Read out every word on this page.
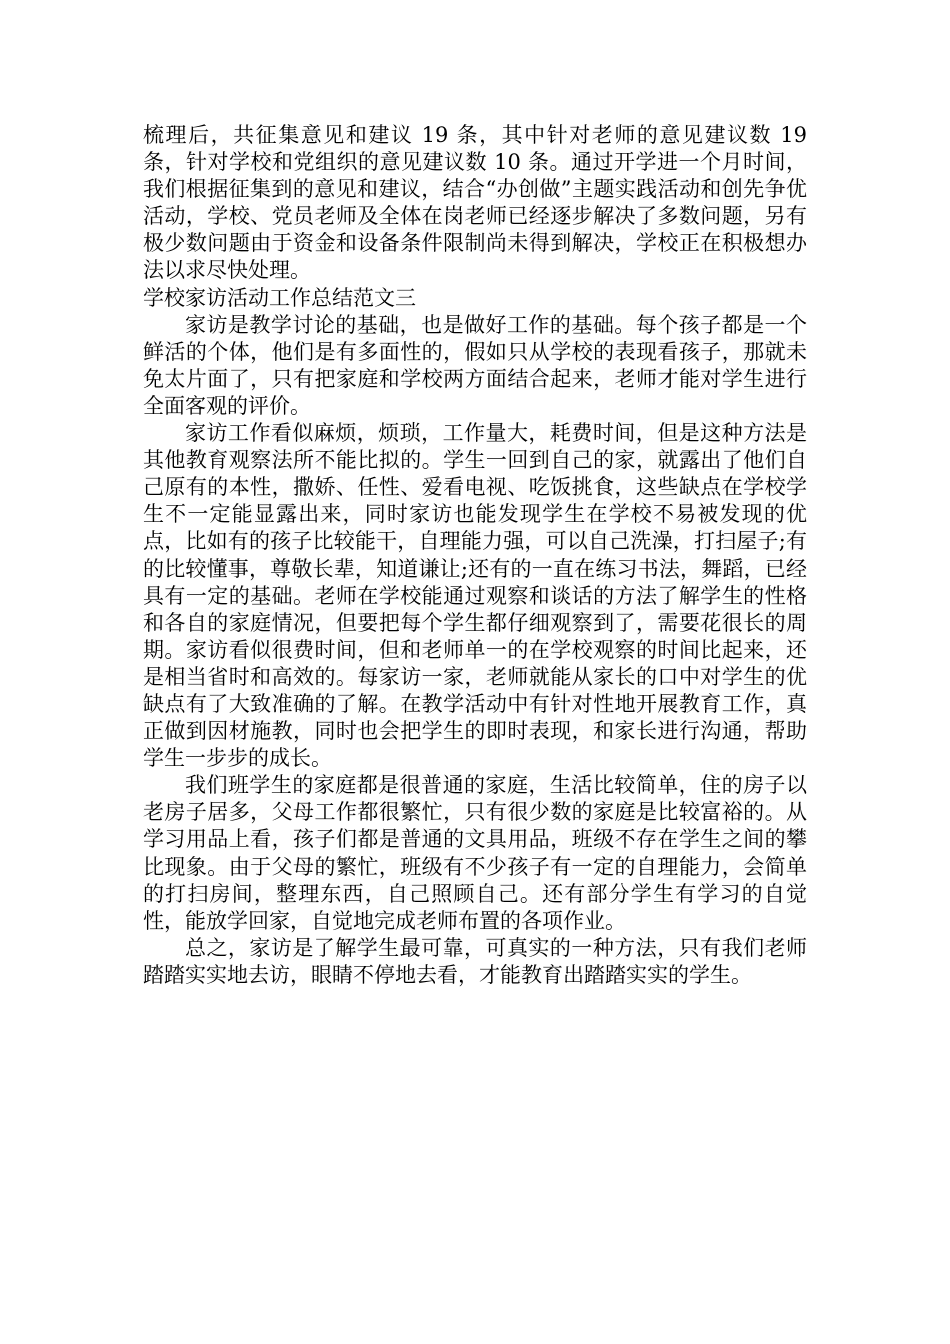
梳理后，共征集意见和建议 19 条，其中针对老师的意见建议数 19 条，针对学校和党组织的意见建议数 10 条。通过开学进一个月时间，我们根据征集到的意见和建议，结合“办创做”主题实践活动和创先争优活动，学校、党员老师及全体在岗老师已经逐步解决了多数问题，另有极少数问题由于资金和设备条件限制尚未得到解决，学校正在积极想办法以求尽快处理。

学校家访活动工作总结范文三

家访是教学讨论的基础，也是做好工作的基础。每个孩子都是一个鲜活的个体，他们是有多面性的，假如只从学校的表现看孩子，那就未免太片面了，只有把家庭和学校两方面结合起来，老师才能对学生进行全面客观的评价。

家访工作看似麻烦，烦琐，工作量大，耗费时间，但是这种方法是其他教育观察法所不能比拟的。学生一回到自己的家，就露出了他们自己原有的本性，撒娇、任性、爱看电视、吃饭挑食，这些缺点在学校学生不一定能显露出来，同时家访也能发现学生在学校不易被发现的优点，比如有的孩子比较能干，自理能力强，可以自己洗澡，打扫屋子;有的比较懂事，尊敬长辈，知道谦让;还有的一直在练习书法，舞蹈，已经具有一定的基础。老师在学校能通过观察和谈话的方法了解学生的性格和各自的家庭情况，但要把每个学生都仔细观察到了，需要花很长的周期。家访看似很费时间，但和老师单一的在学校观察的时间比起来，还是相当省时和高效的。每家访一家，老师就能从家长的口中对学生的优缺点有了大致准确的了解。在教学活动中有针对性地开展教育工作，真正做到因材施教，同时也会把学生的即时表现，和家长进行沟通，帮助学生一步步的成长。

我们班学生的家庭都是很普通的家庭，生活比较简单，住的房子以老房子居多，父母工作都很繁忙，只有很少数的家庭是比较富裕的。从学习用品上看，孩子们都是普通的文具用品，班级不存在学生之间的攀比现象。由于父母的繁忙，班级有不少孩子有一定的自理能力，会简单的打扫房间，整理东西，自己照顾自己。还有部分学生有学习的自觉性，能放学回家，自觉地完成老师布置的各项作业。

总之，家访是了解学生最可靠，可真实的一种方法，只有我们老师踏踏实实地去访，眼睛不停地去看，才能教育出踏踏实实的学生。
